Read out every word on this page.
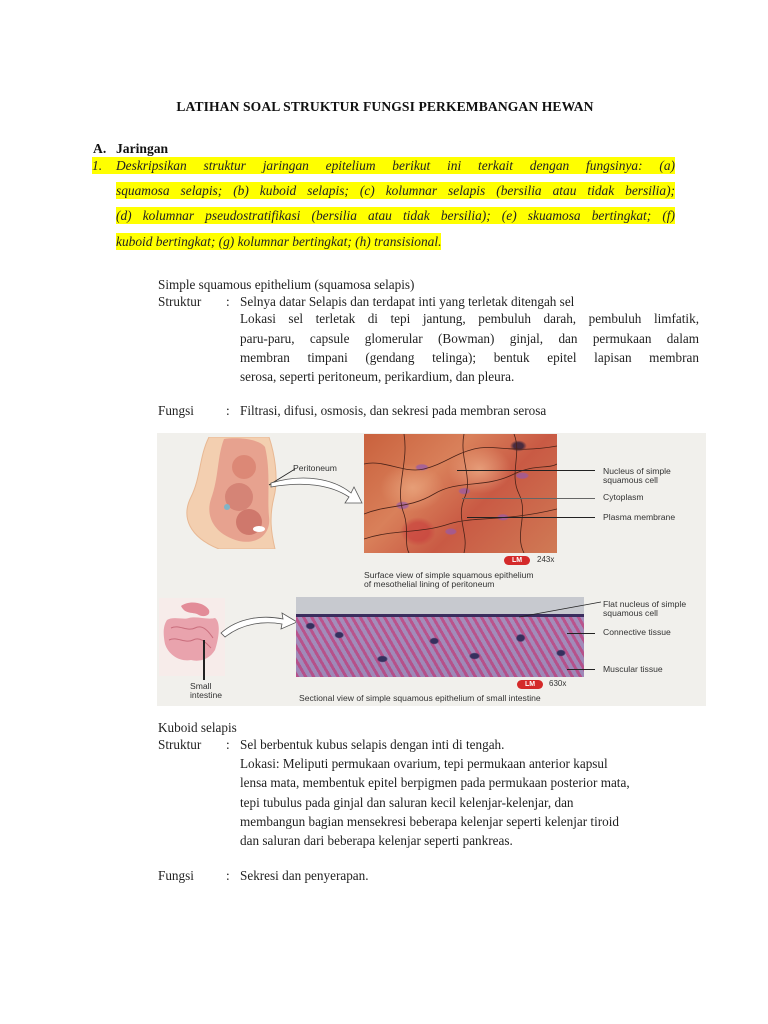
LATIHAN SOAL STRUKTUR FUNGSI PERKEMBANGAN HEWAN
A. Jaringan
1.	Deskripsikan struktur jaringan epitelium berikut ini terkait dengan fungsinya: (a)
squamosa selapis; (b) kuboid selapis; (c) kolumnar selapis (bersilia atau tidak bersilia);
(d) kolumnar pseudostratifikasi (bersilia atau tidak bersilia); (e) skuamosa bertingkat; (f)
kuboid bertingkat; (g) kolumnar bertingkat; (h) transisional.
Simple squamous epithelium (squamosa selapis)
Struktur : Selnya datar Selapis dan terdapat inti yang terletak ditengah sel
Lokasi sel terletak di tepi jantung, pembuluh darah, pembuluh limfatik,
paru-paru, capsule glomerular (Bowman) ginjal, dan permukaan dalam
membran timpani (gendang telinga); bentuk epitel lapisan membran
serosa, seperti peritoneum, perikardium, dan pleura.
Fungsi : Filtrasi, difusi, osmosis, dan sekresi pada membran serosa
Peritoneum	Nucleus of simple
squamous cell
Cytoplasm
Plasma membrane
LM	243x
Surface view of simple squamous epithelium
of mesothelial lining of peritoneum
Small
intestine
Flat nucleus of simple
squamous cell
Connective tissue
Muscular tissue
LM	630x
Sectional view of simple squamous epithelium of small intestine
Kuboid selapis
Struktur : Sel berbentuk kubus selapis dengan inti di tengah.
Lokasi: Meliputi permukaan ovarium, tepi permukaan anterior kapsul
lensa mata, membentuk epitel berpigmen pada permukaan posterior mata,
tepi tubulus pada ginjal dan saluran kecil kelenjar-kelenjar, dan
membangun bagian mensekresi beberapa kelenjar seperti kelenjar tiroid
dan saluran dari beberapa kelenjar seperti pankreas.
Fungsi : Sekresi dan penyerapan.
